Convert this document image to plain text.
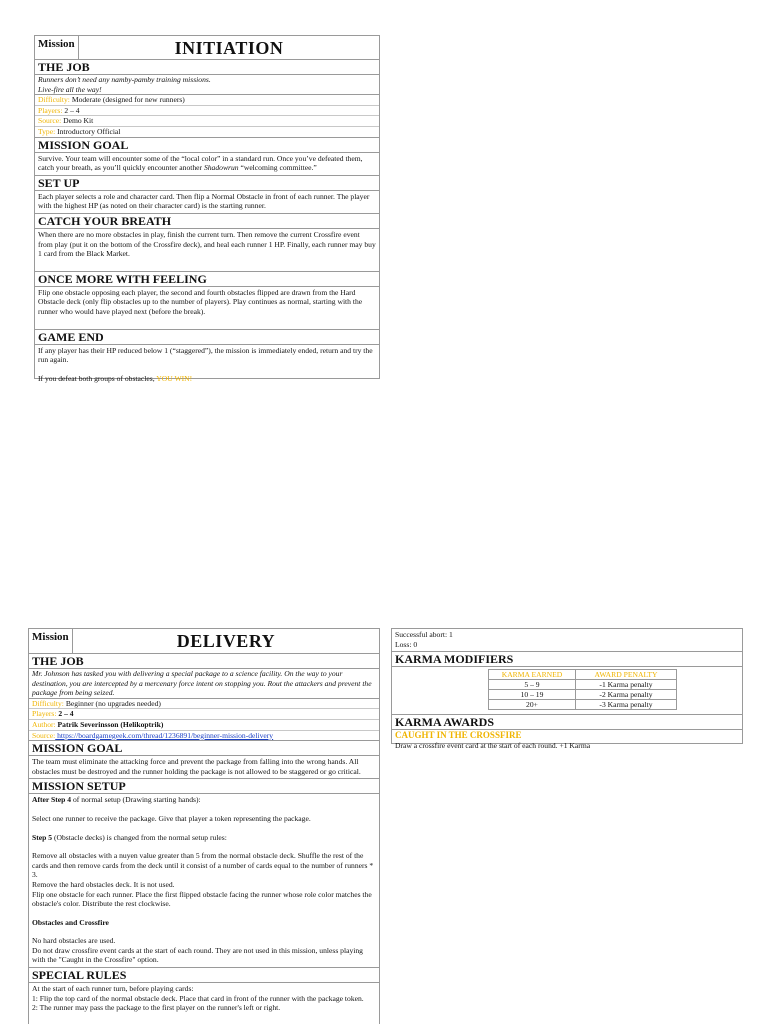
Mission	INITIATION
THE JOB
Runners don’t need any namby-pamby training missions.
Live-fire all the way!
Difficulty: Moderate (designed for new runners)
Players: 2 – 4
Source: Demo Kit
Type: Introductory Official
MISSION GOAL
Survive. Your team will encounter some of the “local color” in a standard run. Once you’ve defeated them, catch your breath, as you’ll quickly encounter another Shadowrun “welcoming committee.”
SET UP
Each player selects a role and character card. Then flip a Normal Obstacle in front of each runner. The player with the highest HP (as noted on their character card) is the starting runner.
CATCH YOUR BREATH
When there are no more obstacles in play, finish the current turn. Then remove the current Crossfire event from play (put it on the bottom of the Crossfire deck), and heal each runner 1 HP. Finally, each runner may buy 1 card from the Black Market.
ONCE MORE WITH FEELING
Flip one obstacle opposing each player, the second and fourth obstacles flipped are drawn from the Hard Obstacle deck (only flip obstacles up to the number of players). Play continues as normal, starting with the runner who would have played next (before the break).
GAME END

If any player has their HP reduced below 1 (“staggered”), the mission is immediately ended, return and try the run again.

If you defeat both groups of obstacles, YOU WIN!

Mission	DELIVERY
THE JOB
Mr. Johnson has tasked you with delivering a special package to a science facility. On the way to your destination, you are intercepted by a mercenary force intent on stopping you. Rout the attackers and prevent the package from being seized.
Difficulty: Beginner (no upgrades needed)
Players: 2 – 4
Author: Patrik Severinsson (Helikoptrik)
Source: https://boardgamegeek.com/thread/1236891/beginner-mission-delivery
MISSION GOAL
The team must eliminate the attacking force and prevent the package from falling into the wrong hands. All obstacles must be destroyed and the runner holding the package is not allowed to be staggered or go critical.
MISSION SETUP

After Step 4 of normal setup (Drawing starting hands):

Select one runner to receive the package. Give that player a token representing the package.

Step 5 (Obstacle decks) is changed from the normal setup rules:

Remove all obstacles with a nuyen value greater than 5 from the normal obstacle deck. Shuffle the rest of the cards and then remove cards from the deck until it consist of a number of cards equal to the number of runners * 3.

Remove the hard obstacles deck. It is not used.

Flip one obstacle for each runner. Place the first flipped obstacle facing the runner whose role color matches the obstacle's color. Distribute the rest clockwise.

Obstacles and Crossfire

No hard obstacles are used.

Do not draw crossfire event cards at the start of each round. They are not used in this mission, unless playing with the "Caught in the Crossfire" option.

SPECIAL RULES
At the start of each runner turn, before playing cards:
1: Flip the top card of the normal obstacle deck. Place that card in front of the runner with the package token.
2: The runner may pass the package to the first player on the runner's left or right.
Successful abort: 1
Loss: 0
KARMA MODIFIERS
KARMA EARNED	AWARD PENALTY
5 – 9	-1 Karma penalty
10 – 19	-2 Karma penalty
20+	-3 Karma penalty
KARMA AWARDS
CAUGHT IN THE CROSSFIRE
Draw a crossfire event card at the start of each round. +1 Karma
